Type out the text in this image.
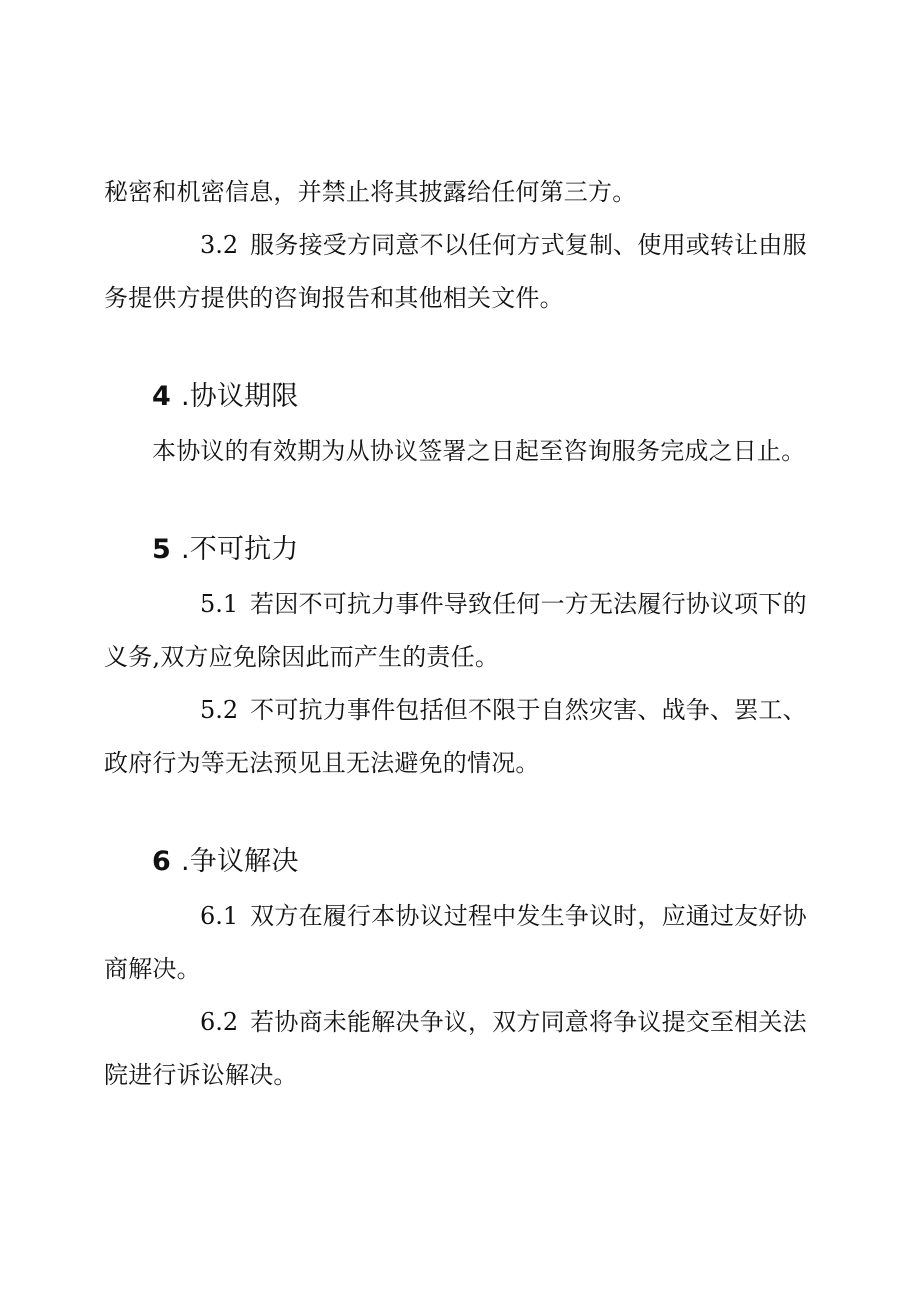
秘密和机密信息，并禁止将其披露给任何第三方。

3.2 服务接受方同意不以任何方式复制、使用或转让由服务提供方提供的咨询报告和其他相关文件。

4 .协议期限

本协议的有效期为从协议签署之日起至咨询服务完成之日止。

5 .不可抗力

5.1 若因不可抗力事件导致任何一方无法履行协议项下的义务,双方应免除因此而产生的责任。

5.2 不可抗力事件包括但不限于自然灾害、战争、罢工、政府行为等无法预见且无法避免的情况。

6 .争议解决

6.1 双方在履行本协议过程中发生争议时，应通过友好协商解决。

6.2 若协商未能解决争议，双方同意将争议提交至相关法院进行诉讼解决。
